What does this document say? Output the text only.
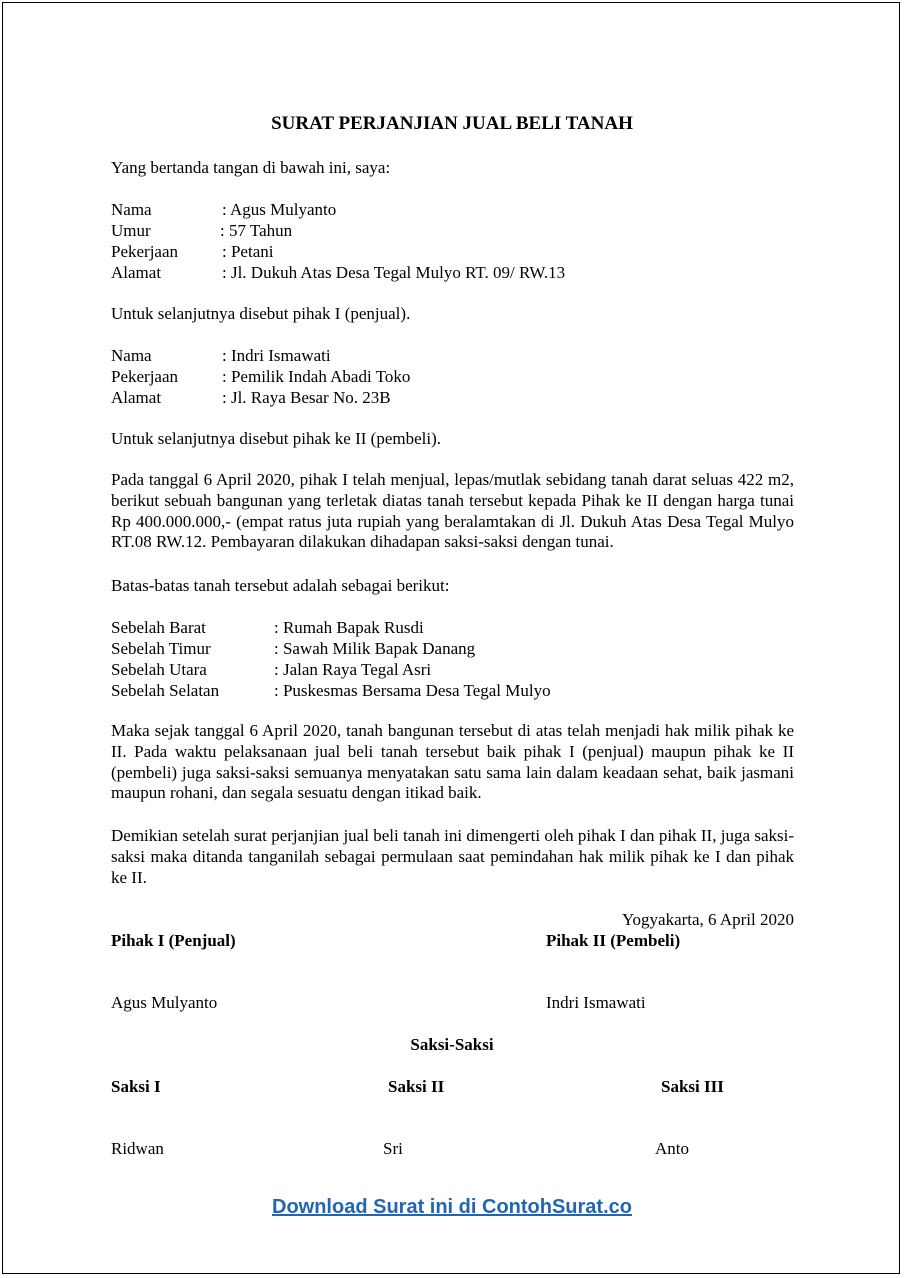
SURAT PERJANJIAN JUAL BELI TANAH
Yang bertanda tangan di bawah ini, saya:
Nama	: Agus Mulyanto
Umur	: 57 Tahun
Pekerjaan	: Petani
Alamat	: Jl. Dukuh Atas Desa Tegal Mulyo RT. 09/ RW.13
Untuk selanjutnya disebut pihak I (penjual).
Nama	: Indri Ismawati
Pekerjaan	: Pemilik Indah Abadi Toko
Alamat	: Jl. Raya Besar No. 23B
Untuk selanjutnya disebut pihak ke II (pembeli).
Pada tanggal 6 April 2020, pihak I telah menjual, lepas/mutlak sebidang tanah darat seluas 422 m2, berikut sebuah bangunan yang terletak diatas tanah tersebut kepada Pihak ke II dengan harga tunai Rp 400.000.000,- (empat ratus juta rupiah yang beralamtakan di Jl. Dukuh Atas Desa Tegal Mulyo RT.08 RW.12. Pembayaran dilakukan dihadapan saksi-saksi dengan tunai.
Batas-batas tanah tersebut adalah sebagai berikut:
Sebelah Barat	: Rumah Bapak Rusdi
Sebelah Timur	: Sawah Milik Bapak Danang
Sebelah Utara	: Jalan Raya Tegal Asri
Sebelah Selatan	: Puskesmas Bersama Desa Tegal Mulyo
Maka sejak tanggal 6 April 2020, tanah bangunan tersebut di atas telah menjadi hak milik pihak ke II. Pada waktu pelaksanaan jual beli tanah tersebut baik pihak I (penjual) maupun pihak ke II (pembeli) juga saksi-saksi semuanya menyatakan satu sama lain dalam keadaan sehat, baik jasmani maupun rohani, dan segala sesuatu dengan itikad baik.
Demikian setelah surat perjanjian jual beli tanah ini dimengerti oleh pihak I dan pihak II, juga saksi-saksi maka ditanda tanganilah sebagai permulaan saat pemindahan hak milik pihak ke I dan pihak ke II.
Yogyakarta, 6 April 2020
Pihak I (Penjual)	Pihak II (Pembeli)
Agus Mulyanto	Indri Ismawati
Saksi-Saksi
Saksi I	Saksi II	Saksi III
Ridwan	Sri	Anto
Download Surat ini di ContohSurat.co
